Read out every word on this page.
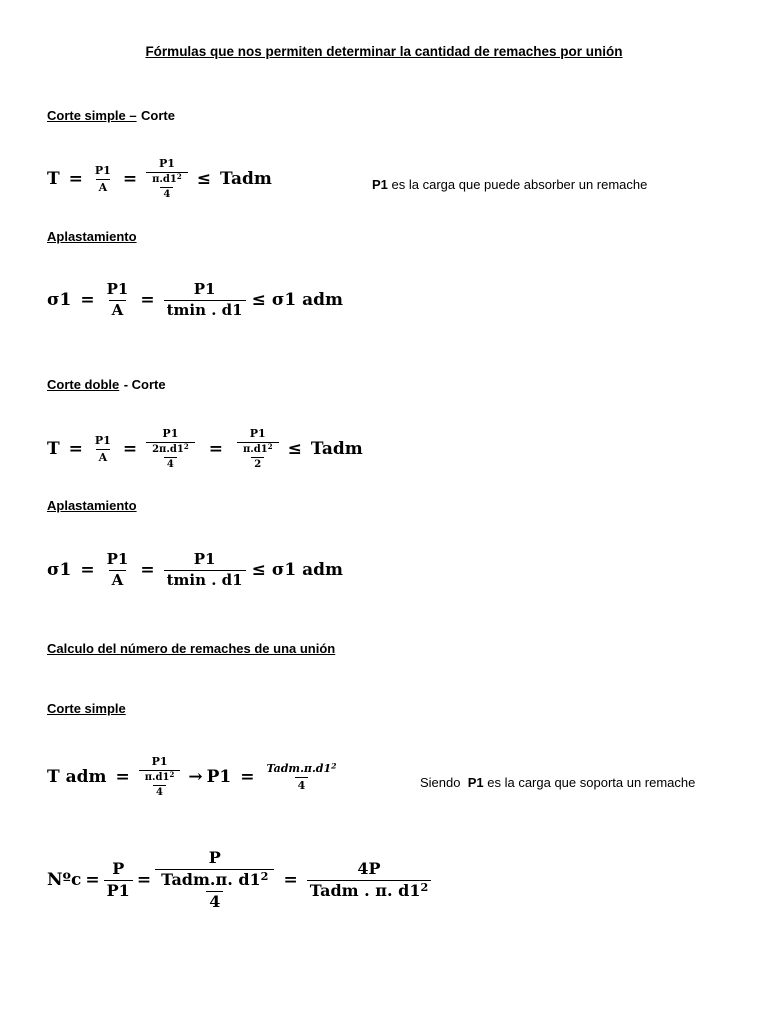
Fórmulas que nos permiten determinar la cantidad de remaches por unión
Corte simple – Corte
$T = \frac{P1}{A} = \frac{P1}{\frac{\pi.d1^2}{4}}$ ≤ Tadm	P1 es la carga que puede absorber un remache
Aplastamiento
$\sigma 1 = \frac{P1}{A} = \frac{P1}{tmin . d1} \le \sigma 1$ adm
Corte doble - Corte
$T = \frac{P1}{A} = \frac{P1}{\frac{2\pi.d1^2}{4}} = \frac{P1}{\frac{\pi.d1^2}{2}}$ ≤ Tadm
Aplastamiento
$\sigma 1 = \frac{P1}{A} = \frac{P1}{tmin . d1} \le \sigma 1$ adm
Calculo del número de remaches de una unión
Corte simple
T adm = $\frac{P1}{\frac{\pi.d1^2}{4}} \to P1 = \frac{Tadm.\pi.d1^2}{4}$	Siendo P1 es la carga que soporta un remache
Nºc = $\frac{P}{P1} = \frac{P}{\frac{Tadm.\pi. d1^2}{4}} = \frac{4P}{Tadm . \pi. d1^2}$
